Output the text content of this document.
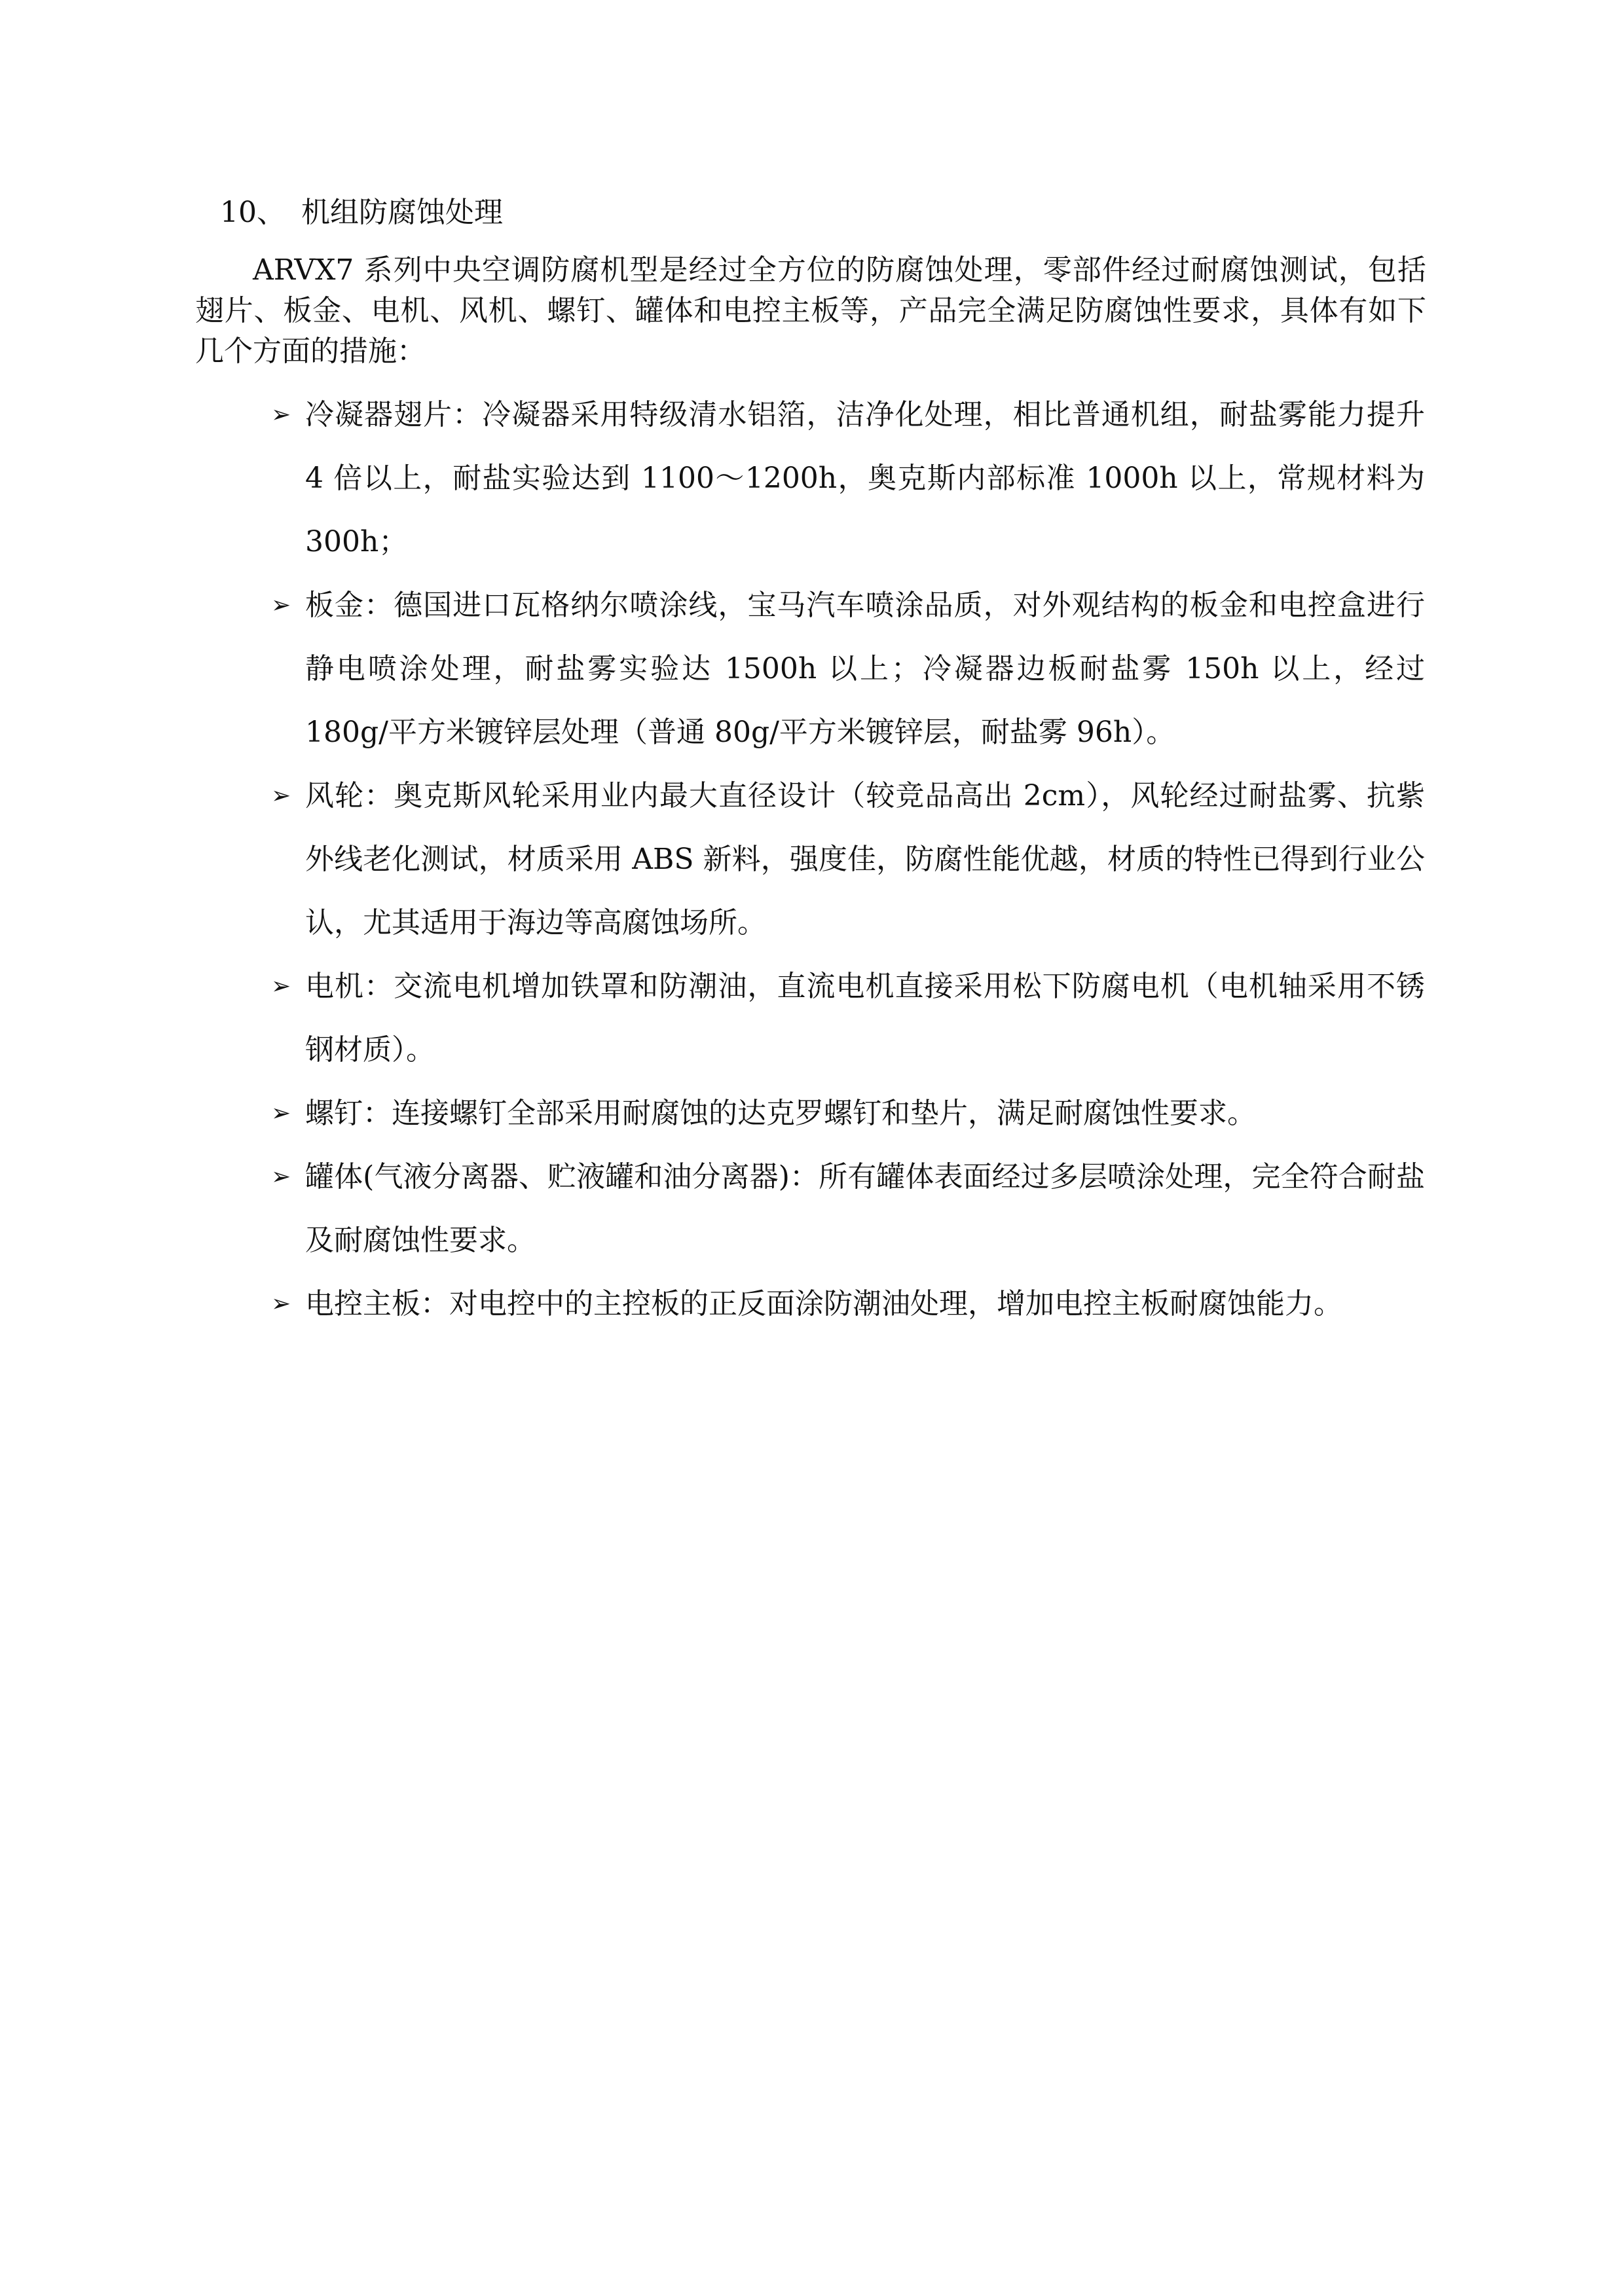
10、 机组防腐蚀处理

ARVX7 系列中央空调防腐机型是经过全方位的防腐蚀处理，零部件经过耐腐蚀测试，包括翅片、板金、电机、风机、螺钉、罐体和电控主板等，产品完全满足防腐蚀性要求，具体有如下几个方面的措施：

➢ 冷凝器翅片：冷凝器采用特级清水铝箔，洁净化处理，相比普通机组，耐盐雾能力提升 4 倍以上，耐盐实验达到 1100～1200h，奥克斯内部标准 1000h 以上，常规材料为 300h；
➢ 板金：德国进口瓦格纳尔喷涂线，宝马汽车喷涂品质，对外观结构的板金和电控盒进行静电喷涂处理，耐盐雾实验达 1500h 以上；冷凝器边板耐盐雾 150h 以上，经过 180g/平方米镀锌层处理（普通 80g/平方米镀锌层，耐盐雾 96h）。
➢ 风轮：奥克斯风轮采用业内最大直径设计（较竞品高出 2cm），风轮经过耐盐雾、抗紫外线老化测试，材质采用 ABS 新料，强度佳，防腐性能优越，材质的特性已得到行业公认，尤其适用于海边等高腐蚀场所。
➢ 电机：交流电机增加铁罩和防潮油，直流电机直接采用松下防腐电机（电机轴采用不锈钢材质）。
➢ 螺钉：连接螺钉全部采用耐腐蚀的达克罗螺钉和垫片，满足耐腐蚀性要求。
➢ 罐体(气液分离器、贮液罐和油分离器)：所有罐体表面经过多层喷涂处理，完全符合耐盐及耐腐蚀性要求。
➢ 电控主板：对电控中的主控板的正反面涂防潮油处理，增加电控主板耐腐蚀能力。
